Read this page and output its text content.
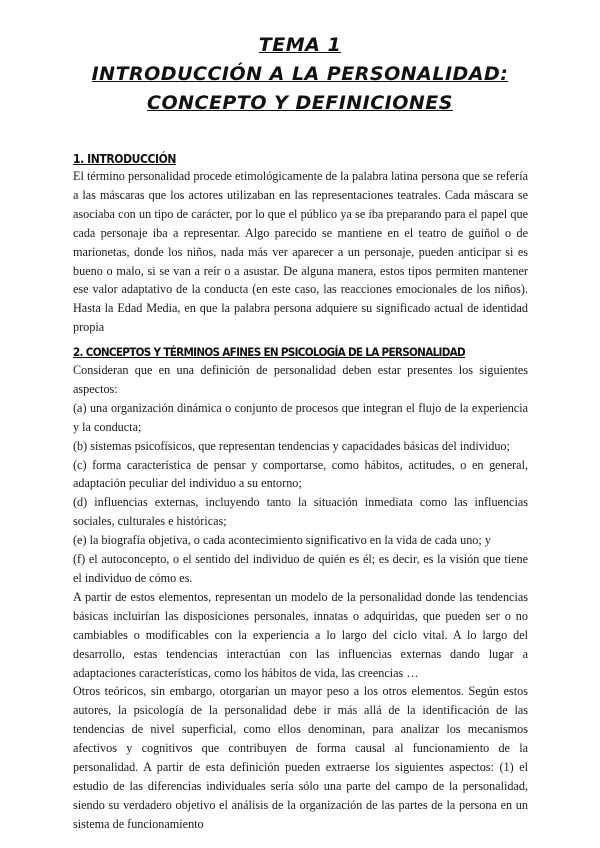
TEMA 1
INTRODUCCIÓN A LA PERSONALIDAD:
CONCEPTO Y DEFINICIONES
1. INTRODUCCIÓN

El término personalidad procede etimológicamente de la palabra latina persona que se refería a las máscaras que los actores utilizaban en las representaciones teatrales. Cada máscara se asociaba con un tipo de carácter, por lo que el público ya se iba preparando para el papel que cada personaje iba a representar. Algo parecido se mantiene en el teatro de guiñol o de marionetas, donde los niños, nada más ver aparecer a un personaje, pueden anticipar si es bueno o malo, si se van a reír o a asustar. De alguna manera, estos tipos permiten mantener ese valor adaptativo de la conducta (en este caso, las reacciones emocionales de los niños). Hasta la Edad Media, en que la palabra persona adquiere su significado actual de identidad propia

2. CONCEPTOS Y TÉRMINOS AFINES EN PSICOLOGÍA DE LA PERSONALIDAD

Consideran que en una definición de personalidad deben estar presentes los siguientes aspectos:

(a) una organización dinámica o conjunto de procesos que integran el flujo de la experiencia y la conducta;

(b) sistemas psicofísicos, que representan tendencias y capacidades básicas del individuo;

(c) forma característica de pensar y comportarse, como hábitos, actitudes, o en general, adaptación peculiar del individuo a su entorno;

(d) influencias externas, incluyendo tanto la situación inmediata como las influencias sociales, culturales e históricas;

(e) la biografía objetiva, o cada acontecimiento significativo en la vida de cada uno; y

(f) el autoconcepto, o el sentido del individuo de quién es él; es decir, es la visión que tiene el individuo de cómo es.

A partir de estos elementos, representan un modelo de la personalidad donde las tendencias básicas incluirían las disposiciones personales, innatas o adquiridas, que pueden ser o no cambiables o modificables con la experiencia a lo largo del ciclo vital. A lo largo del desarrollo, estas tendencias interactúan con las influencias externas dando lugar a adaptaciones características, como los hábitos de vida, las creencias …

Otros teóricos, sin embargo, otorgarían un mayor peso a los otros elementos. Según estos autores, la psicología de la personalidad debe ir más allá de la identificación de las tendencias de nivel superficial, como ellos denominan, para analizar los mecanismos afectivos y cognitivos que contribuyen de forma causal al funcionamiento de la personalidad. A partir de esta definición pueden extraerse los siguientes aspectos: (1) el estudio de las diferencias individuales sería sólo una parte del campo de la personalidad, siendo su verdadero objetivo el análisis de la organización de las partes de la persona en un sistema de funcionamiento
